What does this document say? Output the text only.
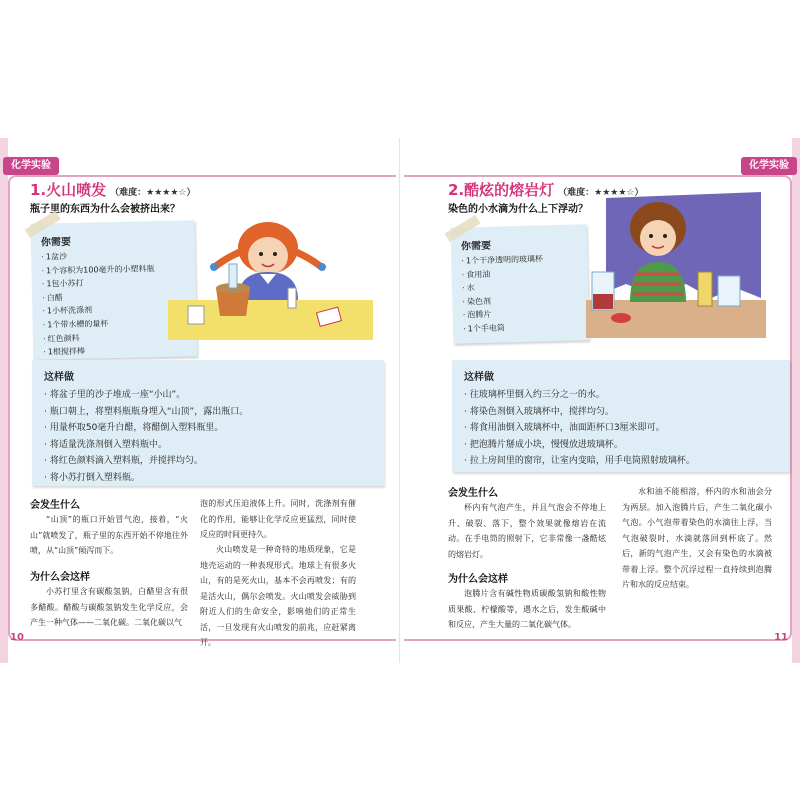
化学实验
1.火山喷发 （难度：★★★★☆）
瓶子里的东西为什么会被挤出来？
你需要
· 1盆沙
· 1个容积为100毫升的小塑料瓶
· 1包小苏打
· 白醋
· 1小杯洗涤剂
· 1个带水槽的量杯
· 红色颜料
· 1根搅拌棒
这样做
· 将盆子里的沙子堆成一座“小山”。
· 瓶口朝上，将塑料瓶瓶身埋入“山顶”，露出瓶口。
· 用量杯取50毫升白醋，将醋倒入塑料瓶里。
· 将适量洗涤剂倒入塑料瓶中。
· 将红色颜料滴入塑料瓶，并搅拌均匀。
· 将小苏打倒入塑料瓶。
会发生什么
“山顶”的瓶口开始冒气泡，接着，“火山”就喷发了，瓶子里的东西开始不停地往外喷，从“山顶”倾泻而下。
为什么会这样
小苏打里含有碳酸氢钠，白醋里含有很多醋酸。醋酸与碳酸氢钠发生化学反应，会产生一种气体——二氧化碳。二氧化碳以气
泡的形式压迫液体上升。同时，洗涤剂有催化的作用，能够让化学反应更猛烈，同时使反应的时间更持久。
火山喷发是一种奇特的地质现象，它是地壳运动的一种表现形式。地球上有很多火山，有的是死火山，基本不会再喷发；有的是活火山，偶尔会喷发。火山喷发会威胁到附近人们的生命安全，影响他们的正常生活，一旦发现有火山喷发的前兆，应赶紧离开。
10
化学实验
2.酷炫的熔岩灯 （难度：★★★★☆）
染色的小水滴为什么上下浮动？
你需要
· 1个干净透明的玻璃杯
· 食用油
· 水
· 染色剂
· 泡腾片
· 1个手电筒
这样做
· 往玻璃杯里倒入约三分之一的水。
· 将染色剂倒入玻璃杯中，搅拌均匀。
· 将食用油倒入玻璃杯中，油面距杯口3厘米即可。
· 把泡腾片掰成小块，慢慢放进玻璃杯。
· 拉上房间里的窗帘，让室内变暗，用手电筒照射玻璃杯。
会发生什么
杯内有气泡产生，并且气泡会不停地上升、破裂、落下，整个效果就像熔岩在流动。在手电筒的照射下，它非常像一盏酷炫的熔岩灯。
为什么会这样
泡腾片含有碱性物质碳酸氢钠和酸性物质果酸、柠檬酸等，遇水之后，发生酸碱中和反应，产生大量的二氧化碳气体。
水和油不能相溶，杯内的水和油会分为两层。加入泡腾片后，产生二氧化碳小气泡。小气泡带着染色的水滴往上浮，当气泡破裂时，水滴就落回到杯底了。然后，新的气泡产生，又会有染色的水滴被带着上浮。整个沉浮过程一直持续到泡腾片和水的反应结束。
11
